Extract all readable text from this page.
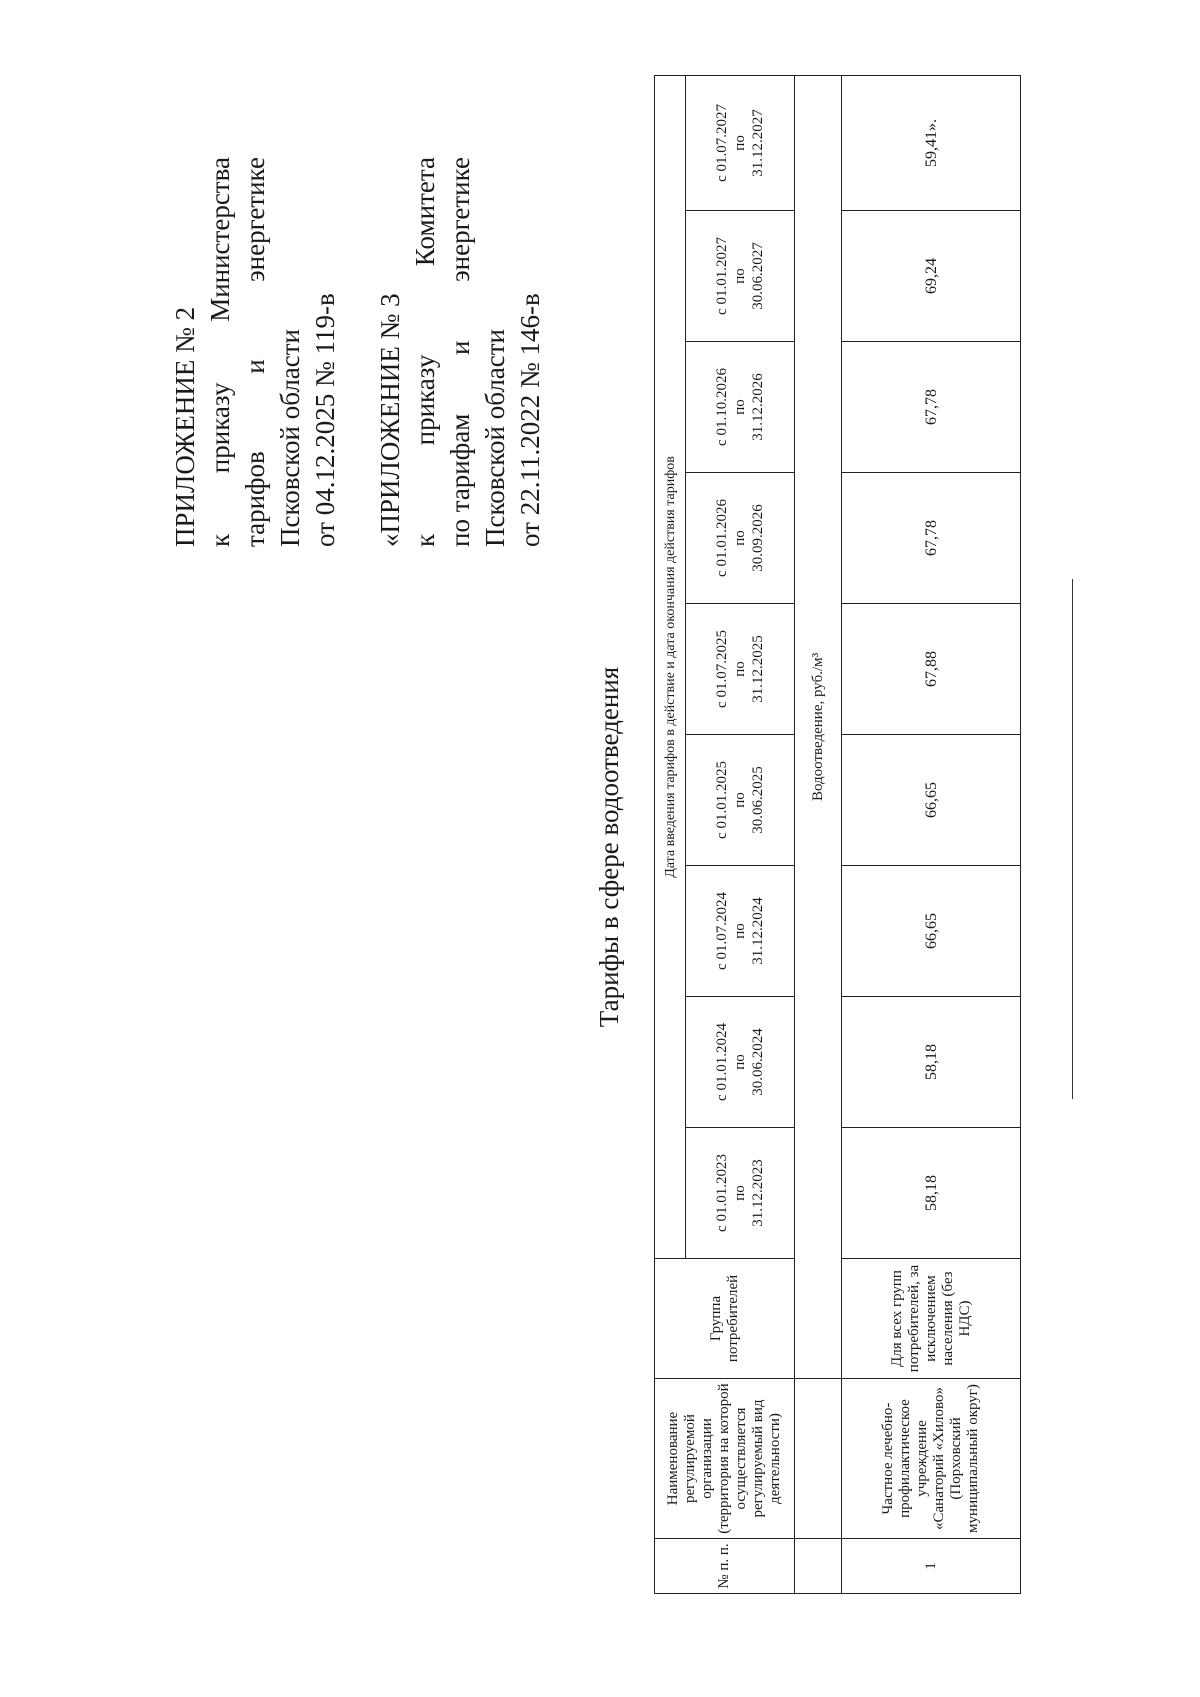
ПРИЛОЖЕНИЕ № 2 к
приказу
Министерства
тарифов
и
энергетике
Псковской области от 04.12.2025 № 119-в «ПРИЛОЖЕНИЕ № 3 к
приказу
Комитета
по тарифам
и
энергетике
Псковской области от 22.11.2022 № 146-в
Тарифы в сфере водоотведения
№ п. п.	Наименование регулируемой организации (территория на которой осуществляется регулируемый вид деятельности)	Группа потребителей	Дата введения тарифов в действие и дата окончания действия тарифов								
			с 01.01.2023 по 31.12.2023	с 01.01.2024 по 30.06.2024	с 01.07.2024 по 31.12.2024	с 01.01.2025 по 30.06.2025	с 01.07.2025 по 31.12.2025	с 01.01.2026 по 30.09.2026	с 01.10.2026 по 31.12.2026	с 01.01.2027 по 30.06.2027	с 01.07.2027 по 31.12.2027
		Водоотведение, руб./м³									
1	Частное лечебно-профилактическое учреждение «Санаторий «Хилово» (Порховский муниципальный округ)	Для всех групп потребителей, за исключением населения (без НДС)	58,18	58,18	66,65	66,65	67,88	67,78	67,78	69,24	59,41».
